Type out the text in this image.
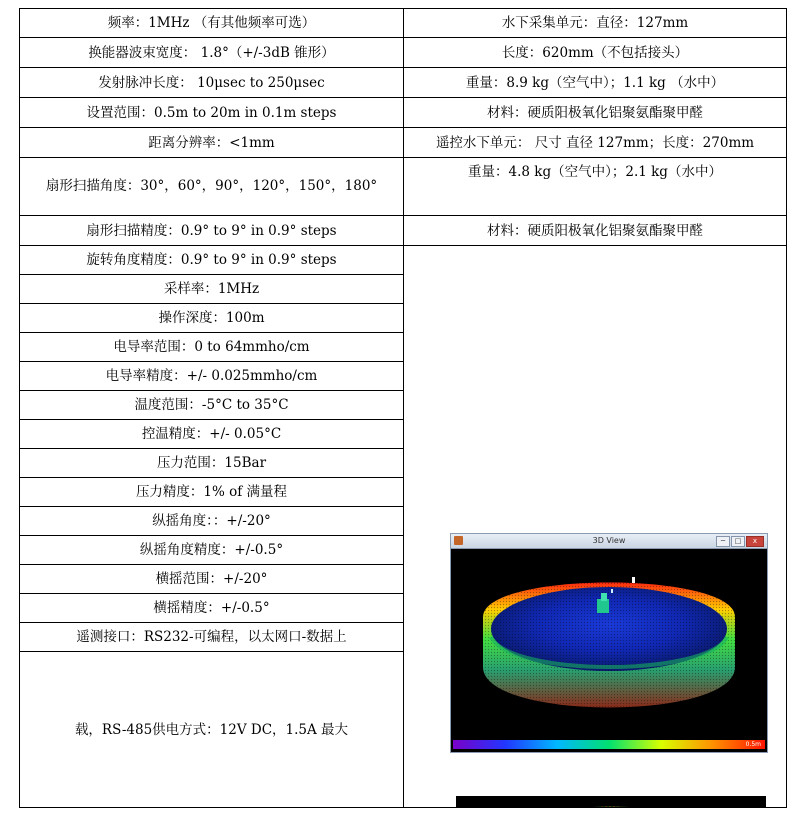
频率：1MHz （有其他频率可选）	水下采集单元：直径：127mm
换能器波束宽度： 1.8°（+/-3dB 锥形）	长度：620mm（不包括接头）
发射脉冲长度： 10μsec to 250μsec	重量：8.9 kg（空气中）；1.1 kg （水中）
设置范围：0.5m to 20m in 0.1m steps	材料：硬质阳极氧化铝聚氨酯聚甲醛
距离分辨率：<1mm	遥控水下单元： 尺寸 直径 127mm；长度：270mm
扇形扫描角度：30°，60°，90°，120°，150°，180°	重量：4.8 kg（空气中）；2.1 kg（水中）
扇形扫描精度：0.9° to 9° in 0.9° steps	材料：硬质阳极氧化铝聚氨酯聚甲醛
旋转角度精度：0.9° to 9° in 0.9° steps	3D View ─ □ x
0.5m

采样率：1MHz	
操作深度：100m	
电导率范围：0 to 64mmho/cm	
电导率精度：+/- 0.025mmho/cm	
温度范围：-5°C to 35°C	
控温精度：+/- 0.05°C	
压力范围：15Bar	
压力精度：1% of 满量程	
纵摇角度：：+/-20°	
纵摇角度精度：+/-0.5°	
横摇范围：+/-20°	
横摇精度：+/-0.5°	
遥测接口：RS232-可编程，以太网口-数据上	
载，RS-485供电方式：12V DC，1.5A 最大	
